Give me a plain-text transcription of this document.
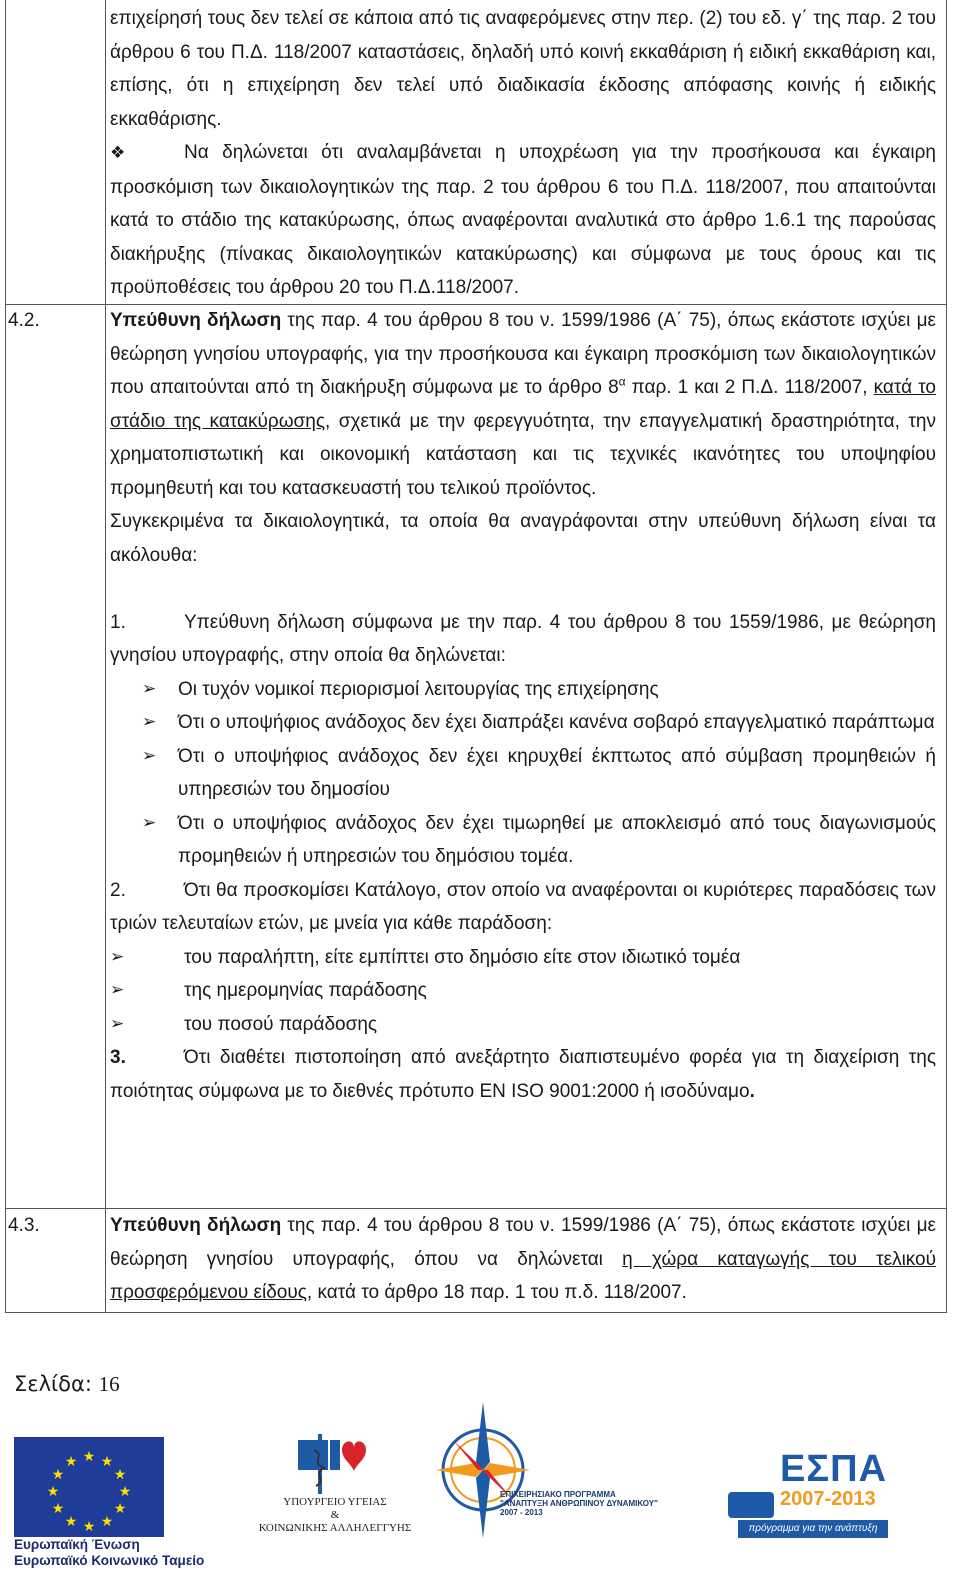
επιχείρησή τους δεν τελεί σε κάποια από τις αναφερόμενες στην περ. (2) του εδ. γ΄ της παρ. 2 του άρθρου 6 του Π.Δ. 118/2007 καταστάσεις, δηλαδή υπό κοινή εκκαθάριση ή ειδική εκκαθάριση και, επίσης, ότι η επιχείρηση δεν τελεί υπό διαδικασία έκδοσης απόφασης κοινής ή ειδικής εκκαθάρισης.

❖	Να δηλώνεται ότι αναλαμβάνεται η υποχρέωση για την προσήκουσα και έγκαιρη προσκόμιση των δικαιολογητικών της παρ. 2 του άρθρου 6 του Π.Δ. 118/2007, που απαιτούνται κατά το στάδιο της κατακύρωσης, όπως αναφέρονται αναλυτικά στο άρθρο 1.6.1 της παρούσας διακήρυξης (πίνακας δικαιολογητικών κατακύρωσης) και σύμφωνα με τους όρους και τις προϋποθέσεις του άρθρου 20 του Π.Δ.118/2007.

4.2.	Υπεύθυνη δήλωση της παρ. 4 του άρθρου 8 του ν. 1599/1986 (Α΄ 75), όπως εκάστοτε ισχύει με θεώρηση γνησίου υπογραφής, για την προσήκουσα και έγκαιρη προσκόμιση των δικαιολογητικών που απαιτούνται από τη διακήρυξη σύμφωνα με το άρθρο $8^\alpha$ παρ. 1 και 2 Π.Δ. 118/2007, κατά το στάδιο της κατακύρωσης, σχετικά με την φερεγγυότητα, την επαγγελματική δραστηριότητα, την χρηματοπιστωτική και οικονομική κατάσταση και τις τεχνικές ικανότητες του υποψηφίου προμηθευτή και του κατασκευαστή του τελικού προϊόντος.

Συγκεκριμένα τα δικαιολογητικά, τα οποία θα αναγράφονται στην υπεύθυνη δήλωση είναι τα ακόλουθα:

1.	Υπεύθυνη δήλωση σύμφωνα με την παρ. 4 του άρθρου 8 του 1559/1986, με θεώρηση γνησίου υπογραφής, στην οποία θα δηλώνεται:

➢	Οι τυχόν νομικοί περιορισμοί λειτουργίας της επιχείρησης
➢	Ότι ο υποψήφιος ανάδοχος δεν έχει διαπράξει κανένα σοβαρό επαγγελματικό παράπτωμα
➢	Ότι ο υποψήφιος ανάδοχος δεν έχει κηρυχθεί έκπτωτος από σύμβαση προμηθειών ή υπηρεσιών του δημοσίου
➢	Ότι ο υποψήφιος ανάδοχος δεν έχει τιμωρηθεί με αποκλεισμό από τους διαγωνισμούς προμηθειών ή υπηρεσιών του δημόσιου τομέα.

2.	Ότι θα προσκομίσει Κατάλογο, στον οποίο να αναφέρονται οι κυριότερες παραδόσεις των τριών τελευταίων ετών, με μνεία για κάθε παράδοση:

➢	του παραλήπτη, είτε εμπίπτει στο δημόσιο είτε στον ιδιωτικό τομέα
➢	της ημερομηνίας παράδοσης
➢	του ποσού παράδοσης

3.	Ότι διαθέτει πιστοποίηση από ανεξάρτητο διαπιστευμένο φορέα για τη διαχείριση της ποιότητας σύμφωνα με το διεθνές πρότυπο EN ISO 9001:2000 ή ισοδύναμο.

4.3.	Υπεύθυνη δήλωση της παρ. 4 του άρθρου 8 του ν. 1599/1986 (Α΄ 75), όπως εκάστοτε ισχύει με θεώρηση γνησίου υπογραφής, όπου να δηλώνεται η χώρα καταγωγής του τελικού προσφερόμενου είδους, κατά το άρθρο 18 παρ. 1 του π.δ. 118/2007.

Σελίδα: 16
★ ★
★
★
★
★
★
★
★
★
★
★
Ευρωπαϊκή Ένωση
Ευρωπαϊκό Κοινωνικό Ταμείο
ΥΠΟΥΡΓΕΙΟ ΥΓΕΙΑΣ
&
ΚΟΙΝΩΝΙΚΗΣ ΑΛΛΗΛΕΓΓΥΗΣ
ΕΠΙΧΕΙΡΗΣΙΑΚΟ ΠΡΟΓΡΑΜΜΑ
"ΑΝΑΠΤΥΞΗ ΑΝΘΡΩΠΙΝΟΥ ΔΥΝΑΜΙΚΟΥ"
2007 - 2013
ΕΣΠΑ
2007-2013
πρόγραμμα για την ανάπτυξη
